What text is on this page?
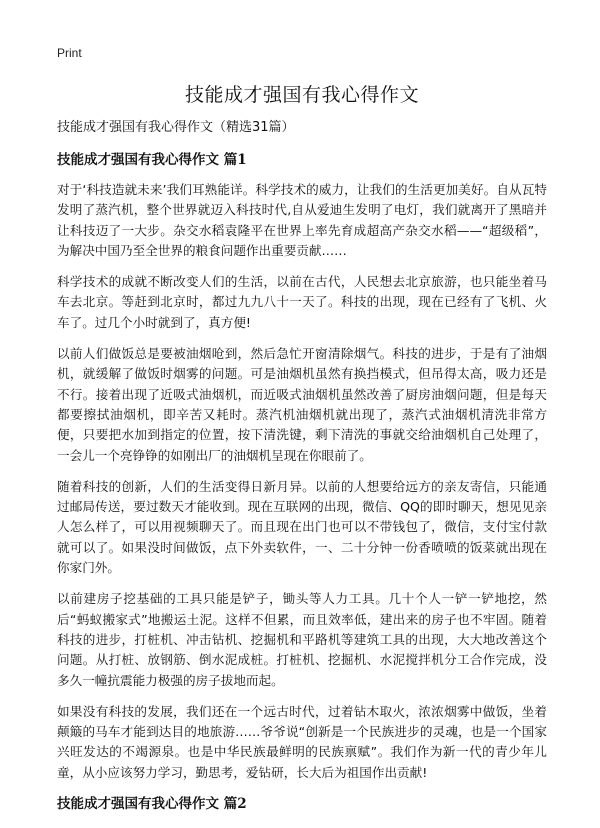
Print
技能成才强国有我心得作文
技能成才强国有我心得作文（精选31篇）
技能成才强国有我心得作文 篇1

对于‘科技造就未来’我们耳熟能详。科学技术的威力，让我们的生活更加美好。自从瓦特发明了蒸汽机，整个世界就迈入科技时代,自从爱迪生发明了电灯，我们就离开了黑暗并让科技迈了一大步。杂交水稻袁隆平在世界上率先育成超高产杂交水稻——“超级稻”，为解决中国乃至全世界的粮食问题作出重要贡献……

科学技术的成就不断改变人们的生活，以前在古代，人民想去北京旅游，也只能坐着马车去北京。等赶到北京时，都过九九八十一天了。科技的出现，现在已经有了飞机、火车了。过几个小时就到了，真方便!

以前人们做饭总是要被油烟呛到，然后急忙开窗清除烟气。科技的进步，于是有了油烟机，就缓解了做饭时烟雾的问题。可是油烟机虽然有换挡模式，但吊得太高，吸力还是不行。接着出现了近吸式油烟机，而近吸式油烟机虽然改善了厨房油烟问题，但是每天都要擦拭油烟机，即辛苦又耗时。蒸汽机油烟机就出现了，蒸汽式油烟机清洗非常方便，只要把水加到指定的位置，按下清洗键，剩下清洗的事就交给油烟机自己处理了，一会儿一个亮铮铮的如刚出厂的油烟机呈现在你眼前了。

随着科技的创新，人们的生活变得日新月异。以前的人想要给远方的亲友寄信，只能通过邮局传送，要过数天才能收到。现在互联网的出现，微信、QQ的即时聊天，想见见亲人怎么样了，可以用视频聊天了。而且现在出门也可以不带钱包了，微信，支付宝付款就可以了。如果没时间做饭，点下外卖软件，一、二十分钟一份香喷喷的饭菜就出现在你家门外。

以前建房子挖基础的工具只能是铲子，锄头等人力工具。几十个人一铲一铲地挖，然后“蚂蚁搬家式”地搬运土泥。这样不但累，而且效率低，建出来的房子也不牢固。随着科技的进步，打桩机、冲击钻机、挖掘机和平路机等建筑工具的出现，大大地改善这个问题。从打桩、放钢筋、倒水泥成桩。打桩机、挖掘机、水泥搅拌机分工合作完成，没多久一幢抗震能力极强的房子拔地而起。

如果没有科技的发展，我们还在一个远古时代，过着钻木取火，浓浓烟雾中做饭，坐着颠簸的马车才能到达目的地旅游……爷爷说“创新是一个民族进步的灵魂，也是一个国家兴旺发达的不竭源泉。也是中华民族最鲜明的民族禀赋”。我们作为新一代的青少年儿童，从小应该努力学习，勤思考，爱钻研，长大后为祖国作出贡献!

技能成才强国有我心得作文 篇2
